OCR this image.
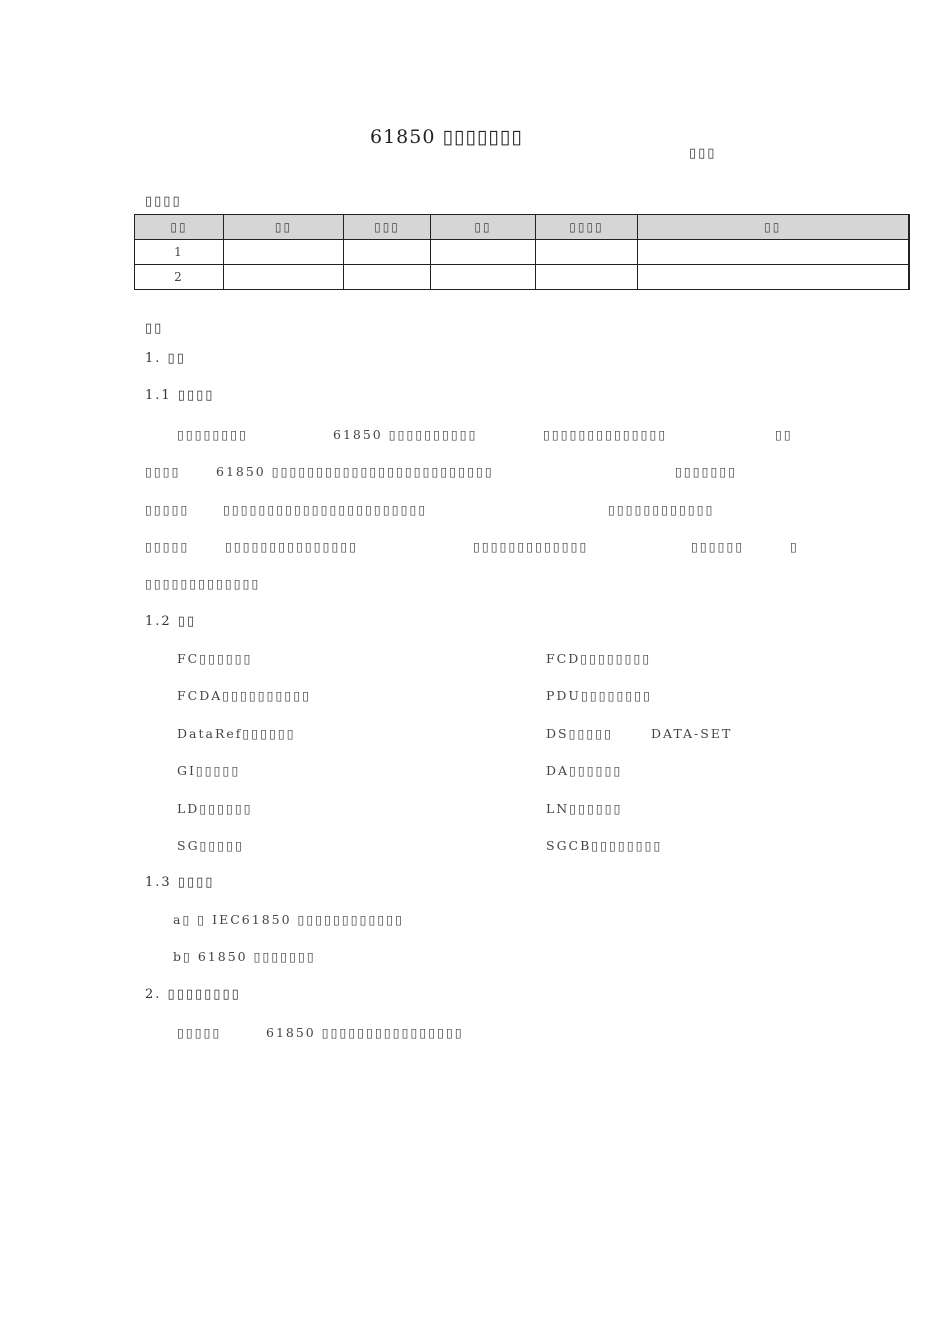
61850 ▯▯▯▯▯▯▯
▯▯▯
▯▯▯▯
▯▯	▯▯	▯▯▯	▯▯	▯▯▯▯	▯▯
1					
2					
▯▯
1. ▯▯
1.1 ▯▯▯▯
▯▯▯▯▯▯▯▯	61850 ▯▯▯▯▯▯▯▯▯▯	▯▯▯▯▯▯▯▯▯▯▯▯▯▯	▯▯
▯▯▯▯	61850 ▯▯▯▯▯▯▯▯▯▯▯▯▯▯▯▯▯▯▯▯▯▯▯▯▯	▯▯▯▯▯▯▯
▯▯▯▯▯	▯▯▯▯▯▯▯▯▯▯▯▯▯▯▯▯▯▯▯▯▯▯▯	▯▯▯▯▯▯▯▯▯▯▯▯
▯▯▯▯▯	▯▯▯▯▯▯▯▯▯▯▯▯▯▯▯	▯▯▯▯▯▯▯▯▯▯▯▯▯	▯▯▯▯▯▯	▯
▯▯▯▯▯▯▯▯▯▯▯▯▯
1.2 ▯▯
FC▯▯▯▯▯▯	FCD▯▯▯▯▯▯▯▯
FCDA▯▯▯▯▯▯▯▯▯▯	PDU▯▯▯▯▯▯▯▯
DataRef▯▯▯▯▯▯	DS▯▯▯▯▯	DATA-SET
GI▯▯▯▯▯	DA▯▯▯▯▯▯
LD▯▯▯▯▯▯	LN▯▯▯▯▯▯
SG▯▯▯▯▯	SGCB▯▯▯▯▯▯▯▯
1.3 ▯▯▯▯
a▯ ▯ IEC61850 ▯▯▯▯▯▯▯▯▯▯▯▯
b▯ 61850 ▯▯▯▯▯▯▯
2. ▯▯▯▯▯▯▯▯
▯▯▯▯▯	61850 ▯▯▯▯▯▯▯▯▯▯▯▯▯▯▯▯
